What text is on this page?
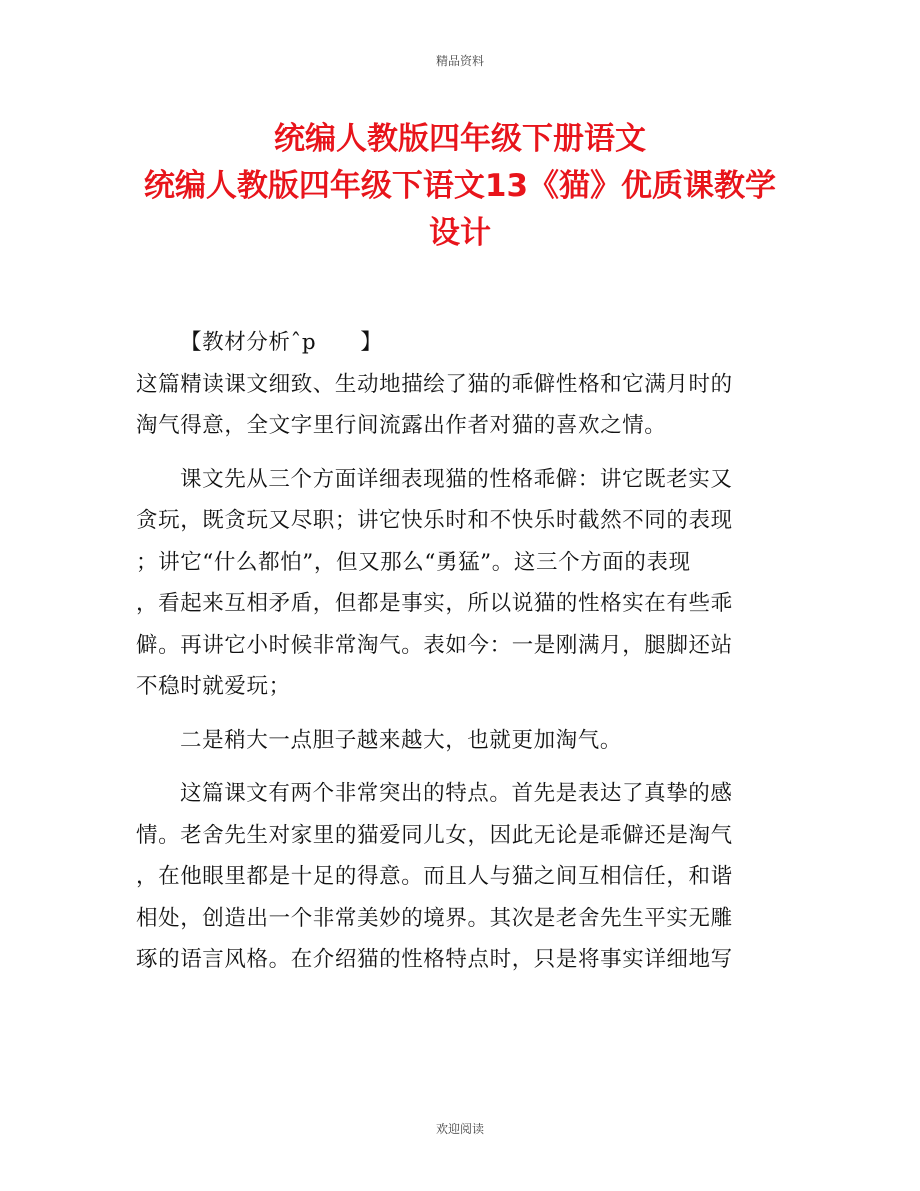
精品资料
统编人教版四年级下册语文
统编人教版四年级下语文13《猫》优质课教学
设计
【教材分析ˆp　　】
这篇精读课文细致、生动地描绘了猫的乖僻性格和它满月时的
淘气得意，全文字里行间流露出作者对猫的喜欢之情。
课文先从三个方面详细表现猫的性格乖僻：讲它既老实又
贪玩，既贪玩又尽职；讲它快乐时和不快乐时截然不同的表现
；讲它“什么都怕”，但又那么“勇猛”。这三个方面的表现
，看起来互相矛盾，但都是事实，所以说猫的性格实在有些乖
僻。再讲它小时候非常淘气。表如今：一是刚满月，腿脚还站
不稳时就爱玩；
二是稍大一点胆子越来越大，也就更加淘气。
这篇课文有两个非常突出的特点。首先是表达了真挚的感
情。老舍先生对家里的猫爱同儿女，因此无论是乖僻还是淘气
，在他眼里都是十足的得意。而且人与猫之间互相信任，和谐
相处，创造出一个非常美妙的境界。其次是老舍先生平实无雕
琢的语言风格。在介绍猫的性格特点时，只是将事实详细地写
欢迎阅读
